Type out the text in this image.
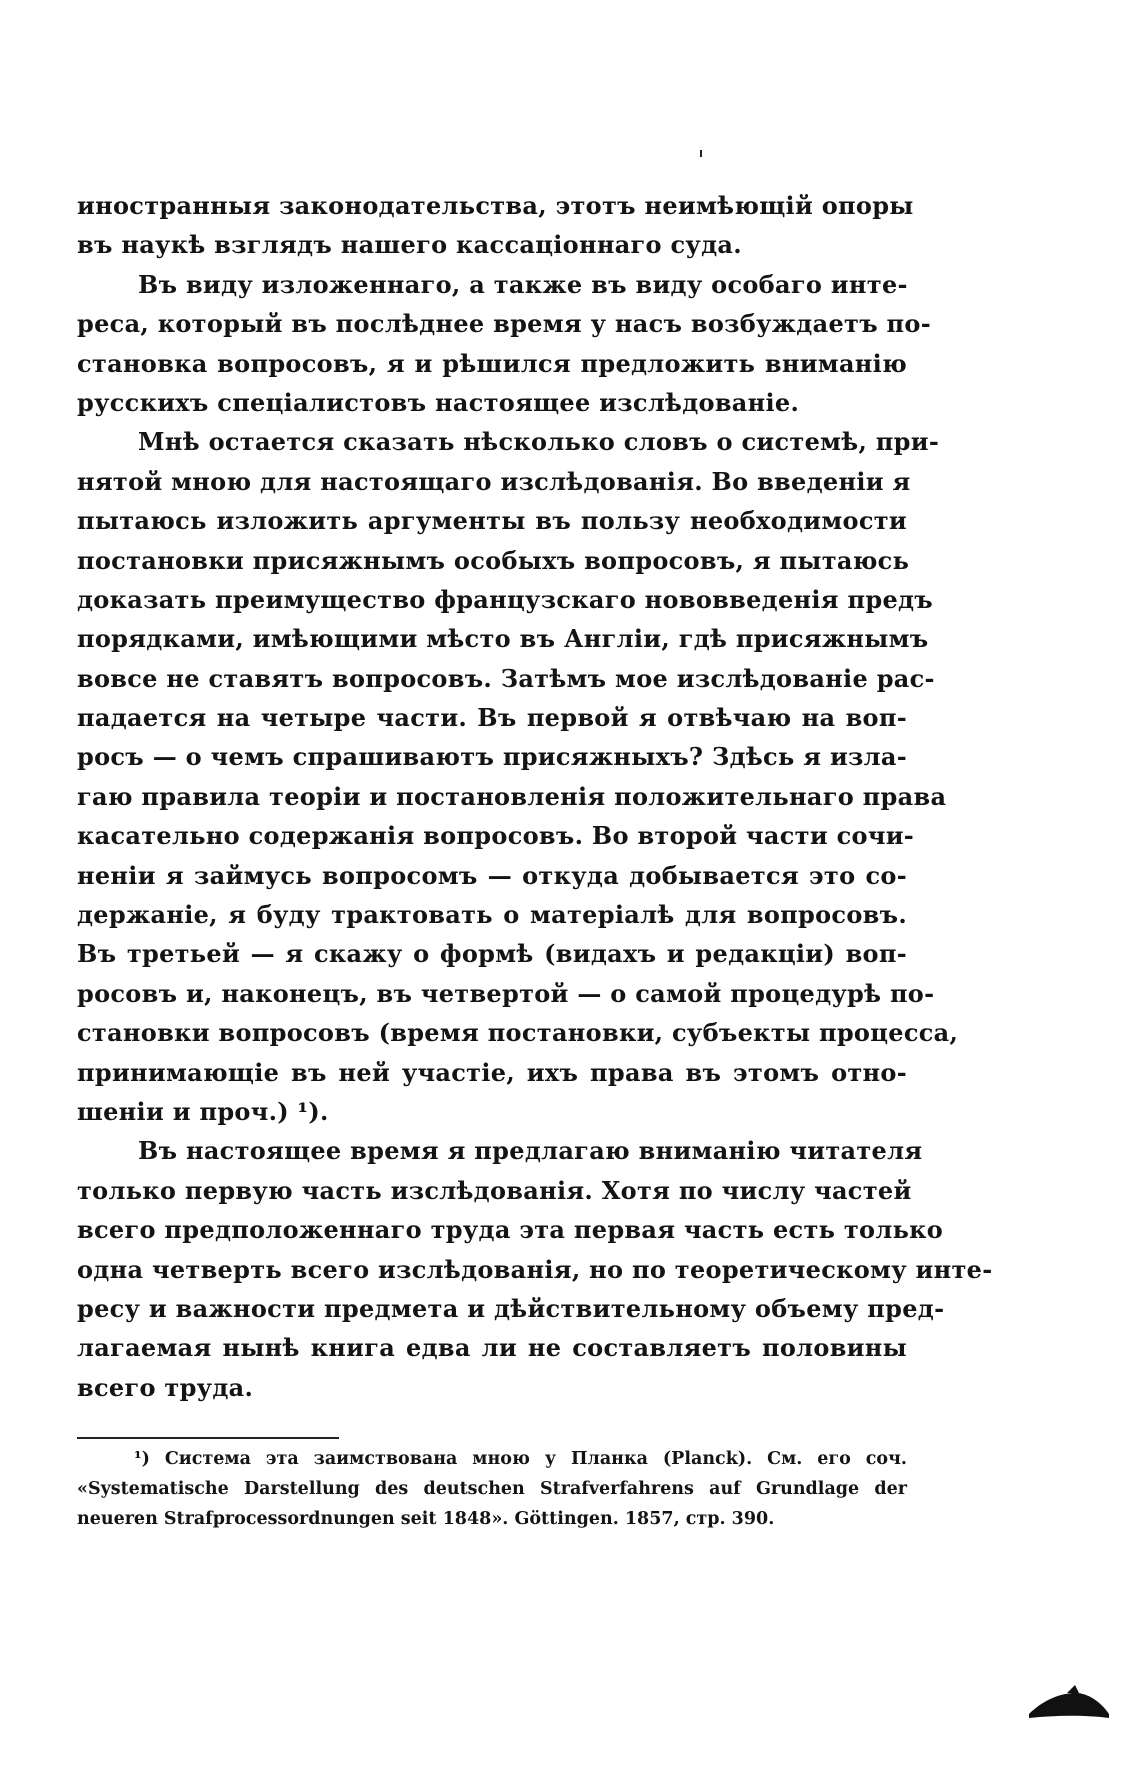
иностранныя законодательства, этотъ неимѣющій опоры
въ наукѣ взглядъ нашего кассаціоннаго суда.
Въ виду изложеннаго, а также въ виду особаго инте-
реса, который въ послѣднее время у насъ возбуждаетъ по-
становка вопросовъ, я и рѣшился предложить вниманію
русскихъ спеціалистовъ настоящее изслѣдованіе.
Мнѣ остается сказать нѣсколько словъ о системѣ, при-
нятой мною для настоящаго изслѣдованія. Во введеніи я
пытаюсь изложить аргументы въ пользу необходимости
постановки присяжнымъ особыхъ вопросовъ, я пытаюсь
доказать преимущество французскаго нововведенія предъ
порядками, имѣющими мѣсто въ Англіи, гдѣ присяжнымъ
вовсе не ставятъ вопросовъ. Затѣмъ мое изслѣдованіе рас-
падается на четыре части. Въ первой я отвѣчаю на воп-
росъ — о чемъ спрашиваютъ присяжныхъ? Здѣсь я изла-
гаю правила теоріи и постановленія положительнаго права
касательно содержанія вопросовъ. Во второй части сочи-
неніи я займусь вопросомъ — откуда добывается это со-
держаніе, я буду трактовать о матеріалѣ для вопросовъ.
Въ третьей — я скажу о формѣ (видахъ и редакціи) воп-
росовъ и, наконецъ, въ четвертой — о самой процедурѣ по-
становки вопросовъ (время постановки, субъекты процесса,
принимающіе въ ней участіе, ихъ права въ этомъ отно-
шеніи и проч.) ¹).
Въ настоящее время я предлагаю вниманію читателя
только первую часть изслѣдованія. Хотя по числу частей
всего предположеннаго труда эта первая часть есть только
одна четверть всего изслѣдованія, но по теоретическому инте-
ресу и важности предмета и дѣйствительному объему пред-
лагаемая нынѣ книга едва ли не составляетъ половины
всего труда.
¹) Система эта заимствована мною у Планка (Planck). См. его соч.
«Systematische Darstellung des deutschen Strafverfahrens auf Grundlage der
neueren Strafprocessordnungen seit 1848». Göttingen. 1857, стр. 390.
